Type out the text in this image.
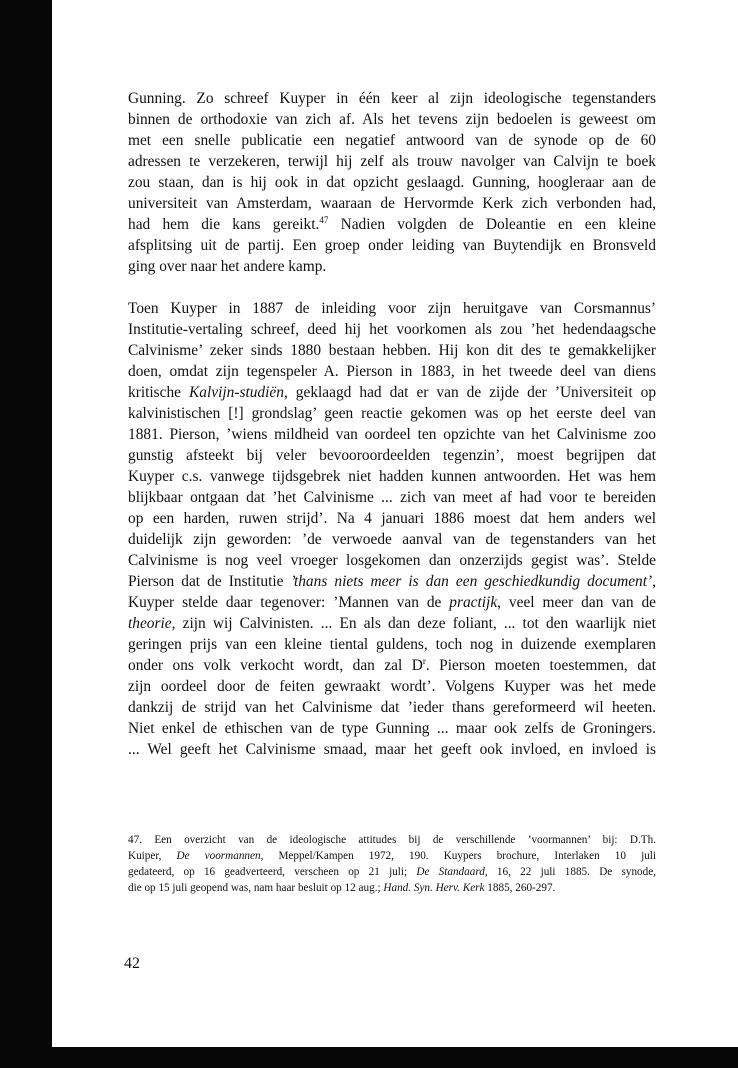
Gunning. Zo schreef Kuyper in één keer al zijn ideologische tegenstanders
binnen de orthodoxie van zich af. Als het tevens zijn bedoelen is geweest om
met een snelle publicatie een negatief antwoord van de synode op de 60
adressen te verzekeren, terwijl hij zelf als trouw navolger van Calvijn te boek
zou staan, dan is hij ook in dat opzicht geslaagd. Gunning, hoogleraar aan de
universiteit van Amsterdam, waaraan de Hervormde Kerk zich verbonden had,
had hem die kans gereikt.$^{47}$ Nadien volgden de Doleantie en een kleine
afsplitsing uit de partij. Een groep onder leiding van Buytendijk en Bronsveld
ging over naar het andere kamp.
Toen Kuyper in 1887 de inleiding voor zijn heruitgave van Corsmannus’
Institutie-vertaling schreef, deed hij het voorkomen als zou ’het hedendaagsche
Calvinisme’ zeker sinds 1880 bestaan hebben. Hij kon dit des te gemakkelijker
doen, omdat zijn tegenspeler A. Pierson in 1883, in het tweede deel van diens
kritische Kalvijn-studiën, geklaagd had dat er van de zijde der ’Universiteit op
kalvinistischen [!] grondslag’ geen reactie gekomen was op het eerste deel van
1881. Pierson, ’wiens mildheid van oordeel ten opzichte van het Calvinisme zoo
gunstig afsteekt bij veler bevooroordeelden tegenzin’, moest begrijpen dat
Kuyper c.s. vanwege tijdsgebrek niet hadden kunnen antwoorden. Het was hem
blijkbaar ontgaan dat ’het Calvinisme ... zich van meet af had voor te bereiden
op een harden, ruwen strijd’. Na 4 januari 1886 moest dat hem anders wel
duidelijk zijn geworden: ’de verwoede aanval van de tegenstanders van het
Calvinisme is nog veel vroeger losgekomen dan onzerzijds gegist was’. Stelde
Pierson dat de Institutie ’thans niets meer is dan een geschiedkundig document’,
Kuyper stelde daar tegenover: ’Mannen van de practijk, veel meer dan van de
theorie, zijn wij Calvinisten. ... En als dan deze foliant, ... tot den waarlijk niet
geringen prijs van een kleine tiental guldens, toch nog in duizende exemplaren
onder ons volk verkocht wordt, dan zal $D^r$. Pierson moeten toestemmen, dat
zijn oordeel door de feiten gewraakt wordt’. Volgens Kuyper was het mede
dankzij de strijd van het Calvinisme dat ’ieder thans gereformeerd wil heeten.
Niet enkel de ethischen van de type Gunning ... maar ook zelfs de Groningers.
... Wel geeft het Calvinisme smaad, maar het geeft ook invloed, en invloed is
47. Een overzicht van de ideologische attitudes bij de verschillende ’voormannen’ bij: D.Th.
Kuiper, De voormannen, Meppel/Kampen 1972, 190. Kuypers brochure, Interlaken 10 juli
gedateerd, op 16 geadverteerd, verscheen op 21 juli; De Standaard, 16, 22 juli 1885. De synode,
die op 15 juli geopend was, nam haar besluit op 12 aug.; Hand. Syn. Herv. Kerk 1885, 260-297.
42
